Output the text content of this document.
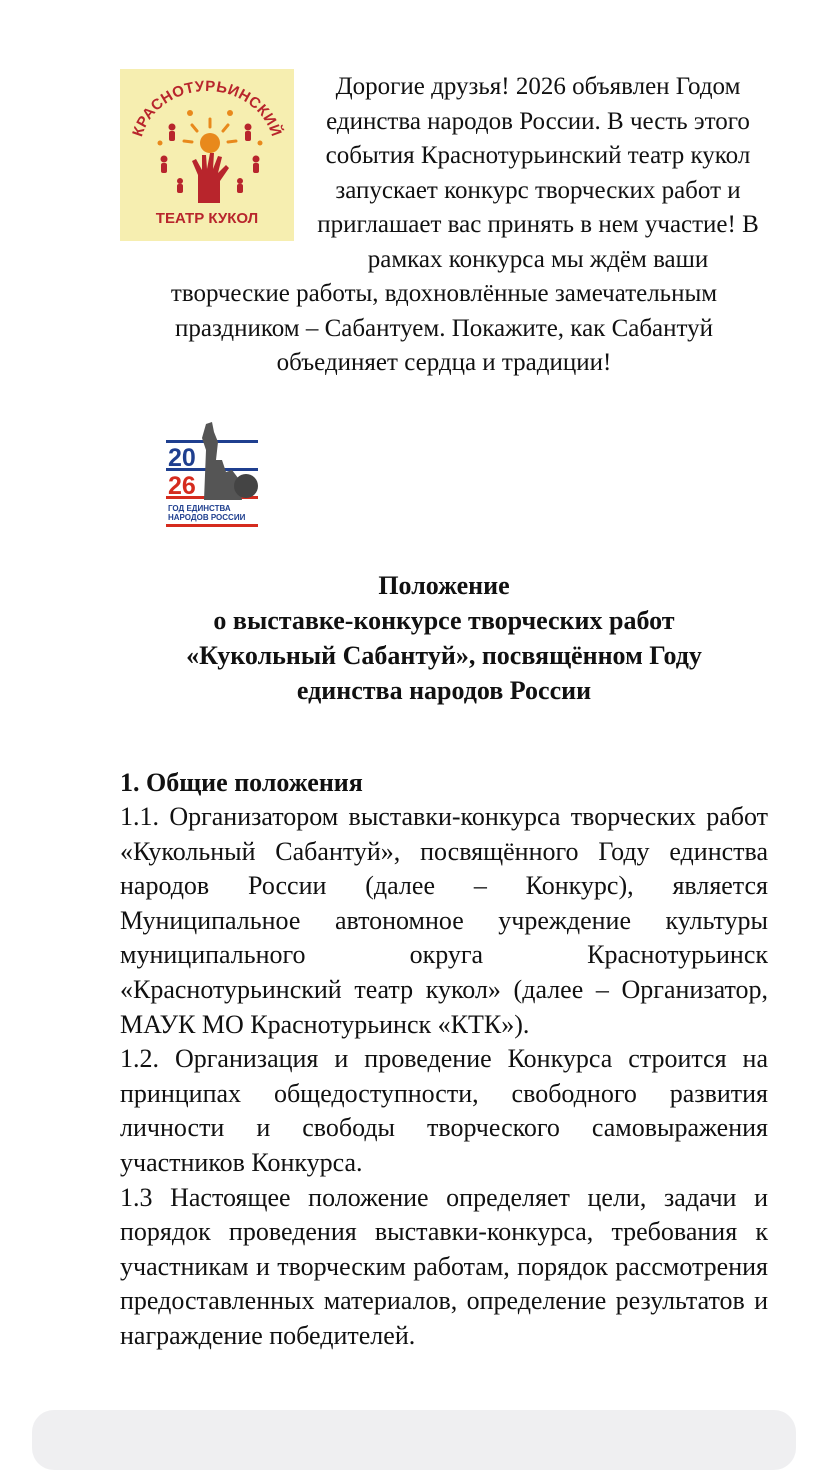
КРАСНОТУРЬИНСКИЙ
ТЕАТР КУКОЛ

Дорогие друзья! 2026 объявлен Годом единства народов России. В честь этого события Краснотурьинский театр кукол запускает конкурс творческих работ и приглашает вас принять в нем участие! В рамках конкурса мы ждём ваши творческие работы, вдохновлённые замечательным праздником – Сабантуем. Покажите, как Сабантуй объединяет сердца и традиции!

20
26
ГОД ЕДИНСТВА
НАРОДОВ РОССИИ
Положение
о выставке-конкурсе творческих работ
«Кукольный Сабантуй», посвящённом Году
единства народов России
1. Общие положения

1.1. Организатором выставки-конкурса творческих работ «Кукольный Сабантуй», посвящённого Году единства народов России (далее – Конкурс), является Муниципальное автономное учреждение культуры муниципального округа Краснотурьинск «Краснотурьинский театр кукол» (далее – Организатор, МАУК МО Краснотурьинск «КТК»).

1.2. Организация и проведение Конкурса строится на принципах общедоступности, свободного развития личности и свободы творческого самовыражения участников Конкурса.

1.3 Настоящее положение определяет цели, задачи и порядок проведения выставки-конкурса, требования к участникам и творческим работам, порядок рассмотрения предоставленных материалов, определение результатов и награждение победителей.
